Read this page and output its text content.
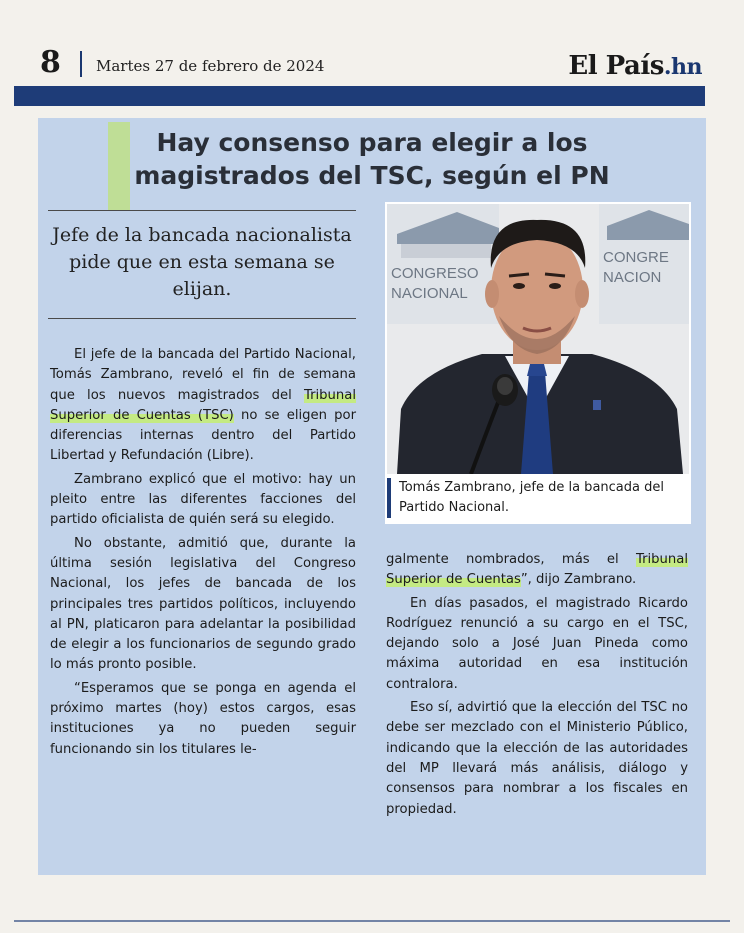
8 Martes 27 de febrero de 2024	El País.hn
Hay consenso para elegir a los
magistrados del TSC, según el PN
Jefe de la bancada nacionalista pide que en esta semana se elijan.

El jefe de la bancada del Partido Nacional, Tomás Zambrano, reveló el fin de semana que los nuevos magistrados del Tribunal Superior de Cuentas (TSC) no se eligen por diferencias internas dentro del Partido Libertad y Refundación (Libre).

Zambrano explicó que el motivo: hay un pleito entre las diferentes facciones del partido oficialista de quién será su elegido.

No obstante, admitió que, durante la última sesión legislativa del Congreso Nacional, los jefes de bancada de los principales tres partidos políticos, incluyendo al PN, platicaron para adelantar la posibilidad de elegir a los funcionarios de segundo grado lo más pronto posible.

“Esperamos que se ponga en agenda el próximo martes (hoy) estos cargos, esas instituciones ya no pueden seguir funcionando sin los titulares le-

CONGRESO
NACIONAL
CONGRE
NACION
Tomás Zambrano, jefe de la bancada del Partido Nacional.

galmente nombrados, más el Tribunal Superior de Cuentas”, dijo Zambrano.

En días pasados, el magistrado Ricardo Rodríguez renunció a su cargo en el TSC, dejando solo a José Juan Pineda como máxima autoridad en esa institución contralora.

Eso sí, advirtió que la elección del TSC no debe ser mezclado con el Ministerio Público, indicando que la elección de las autoridades del MP llevará más análisis, diálogo y consensos para nombrar a los fiscales en propiedad.
